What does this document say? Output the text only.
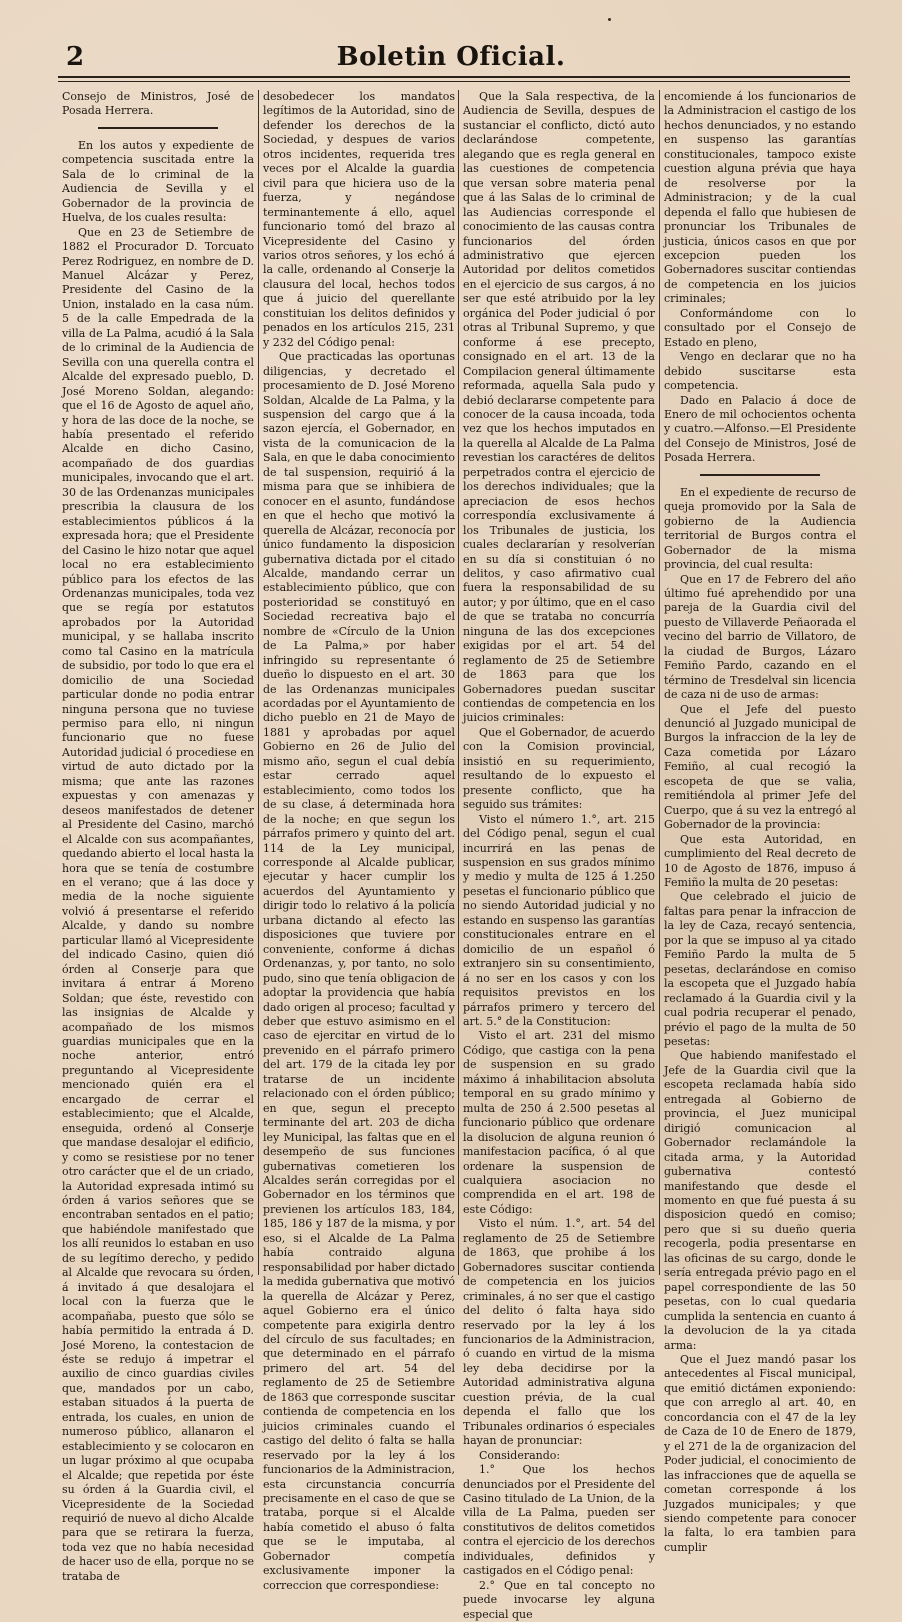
2	Boletin Oficial.

Consejo de Ministros, José de Posada Herrera.

En los autos y expediente de competencia suscitada entre la Sala de lo criminal de la Audiencia de Sevilla y el Gobernador de la provincia de Huelva, de los cuales resulta:

Que en 23 de Setiembre de 1882 el Procurador D. Torcuato Perez Rodriguez, en nombre de D. Manuel Alcázar y Perez, Presidente del Casino de la Union, instalado en la casa núm. 5 de la calle Empedrada de la villa de La Palma, acudió á la Sala de lo criminal de la Audiencia de Sevilla con una querella contra el Alcalde del expresado pueblo, D. José Moreno Soldan, alegando: que el 16 de Agosto de aquel año, y hora de las doce de la noche, se había presentado el referido Alcalde en dicho Casino, acompañado de dos guardias municipales, invocando que el art. 30 de las Ordenanzas municipales prescribia la clausura de los establecimientos públicos á la expresada hora; que el Presidente del Casino le hizo notar que aquel local no era establecimiento público para los efectos de las Ordenanzas municipales, toda vez que se regía por estatutos aprobados por la Autoridad municipal, y se hallaba inscrito como tal Casino en la matrícula de subsidio, por todo lo que era el domicilio de una Sociedad particular donde no podia entrar ninguna persona que no tuviese permiso para ello, ni ningun funcionario que no fuese Autoridad judicial ó procediese en virtud de auto dictado por la misma; que ante las razones expuestas y con amenazas y deseos manifestados de detener al Presidente del Casino, marchó el Alcalde con sus acompañantes, quedando abierto el local hasta la hora que se tenía de costumbre en el verano; que á las doce y media de la noche siguiente volvió á presentarse el referido Alcalde, y dando su nombre particular llamó al Vicepresidente del indicado Casino, quien dió órden al Conserje para que invitara á entrar á Moreno Soldan; que éste, revestido con las insignias de Alcalde y acompañado de los mismos guardias municipales que en la noche anterior, entró preguntando al Vicepresidente mencionado quién era el encargado de cerrar el establecimiento; que el Alcalde, enseguida, ordenó al Conserje que mandase desalojar el edificio, y como se resistiese por no tener otro carácter que el de un criado, la Autoridad expresada intimó su órden á varios señores que se encontraban sentados en el patio; que habiéndole manifestado que los allí reunidos lo estaban en uso de su legítimo derecho, y pedido al Alcalde que revocara su órden, á invitado á que desalojara el local con la fuerza que le acompañaba, puesto que sólo se había permitido la entrada á D. José Moreno, la contestacion de éste se redujo á impetrar el auxilio de cinco guardias civiles que, mandados por un cabo, estaban situados á la puerta de entrada, los cuales, en union de numeroso público, allanaron el establecimiento y se colocaron en un lugar próximo al que ocupaba el Alcalde; que repetida por éste su órden á la Guardia civil, el Vicepresidente de la Sociedad requirió de nuevo al dicho Alcalde para que se retirara la fuerza, toda vez que no había necesidad de hacer uso de ella, porque no se trataba de

desobedecer los mandatos legítimos de la Autoridad, sino de defender los derechos de la Sociedad, y despues de varios otros incidentes, requerida tres veces por el Alcalde la guardia civil para que hiciera uso de la fuerza, y negándose terminantemente á ello, aquel funcionario tomó del brazo al Vicepresidente del Casino y varios otros señores, y los echó á la calle, ordenando al Conserje la clausura del local, hechos todos que á juicio del querellante constituian los delitos definidos y penados en los artículos 215, 231 y 232 del Código penal:

Que practicadas las oportunas diligencias, y decretado el procesamiento de D. José Moreno Soldan, Alcalde de La Palma, y la suspension del cargo que á la sazon ejercía, el Gobernador, en vista de la comunicacion de la Sala, en que le daba conocimiento de tal suspension, requirió á la misma para que se inhibiera de conocer en el asunto, fundándose en que el hecho que motivó la querella de Alcázar, reconocía por único fundamento la disposicion gubernativa dictada por el citado Alcalde, mandando cerrar un establecimiento público, que con posterioridad se constituyó en Sociedad recreativa bajo el nombre de «Círculo de la Union de La Palma,» por haber infringido su representante ó dueño lo dispuesto en el art. 30 de las Ordenanzas municipales acordadas por el Ayuntamiento de dicho pueblo en 21 de Mayo de 1881 y aprobadas por aquel Gobierno en 26 de Julio del mismo año, segun el cual debía estar cerrado aquel establecimiento, como todos los de su clase, á determinada hora de la noche; en que segun los párrafos primero y quinto del art. 114 de la Ley municipal, corresponde al Alcalde publicar, ejecutar y hacer cumplir los acuerdos del Ayuntamiento y dirigir todo lo relativo á la policía urbana dictando al efecto las disposiciones que tuviere por conveniente, conforme á dichas Ordenanzas, y, por tanto, no solo pudo, sino que tenía obligacion de adoptar la providencia que había dado origen al proceso; facultad y deber que estuvo asimismo en el caso de ejercitar en virtud de lo prevenido en el párrafo primero del art. 179 de la citada ley por tratarse de un incidente relacionado con el órden público; en que, segun el precepto terminante del art. 203 de dicha ley Municipal, las faltas que en el desempeño de sus funciones gubernativas cometieren los Alcaldes serán corregidas por el Gobernador en los términos que previenen los artículos 183, 184, 185, 186 y 187 de la misma, y por eso, si el Alcalde de La Palma había contraido alguna responsabilidad por haber dictado la medida gubernativa que motivó la querella de Alcázar y Perez, aquel Gobierno era el único competente para exigirla dentro del círculo de sus facultades; en que determinado en el párrafo primero del art. 54 del reglamento de 25 de Setiembre de 1863 que corresponde suscitar contienda de competencia en los juicios criminales cuando el castigo del delito ó falta se halla reservado por la ley á los funcionarios de la Administracion, esta circunstancia concurría precisamente en el caso de que se trataba, porque si el Alcalde había cometido el abuso ó falta que se le imputaba, al Gobernador competía exclusivamente imponer la correccion que correspondiese:

Que la Sala respectiva, de la Audiencia de Sevilla, despues de sustanciar el conflicto, dictó auto declarándose competente, alegando que es regla general en las cuestiones de competencia que versan sobre materia penal que á las Salas de lo criminal de las Audiencias corresponde el conocimiento de las causas contra funcionarios del órden administrativo que ejercen Autoridad por delitos cometidos en el ejercicio de sus cargos, á no ser que esté atribuido por la ley orgánica del Poder judicial ó por otras al Tribunal Supremo, y que conforme á ese precepto, consignado en el art. 13 de la Compilacion general últimamente reformada, aquella Sala pudo y debió declararse competente para conocer de la causa incoada, toda vez que los hechos imputados en la querella al Alcalde de La Palma revestian los caractéres de delitos perpetrados contra el ejercicio de los derechos individuales; que la apreciacion de esos hechos correspondía exclusivamente á los Tribunales de justicia, los cuales declararían y resolverían en su día si constituian ó no delitos, y caso afirmativo cual fuera la responsabilidad de su autor; y por último, que en el caso de que se trataba no concurría ninguna de las dos excepciones exigidas por el art. 54 del reglamento de 25 de Setiembre de 1863 para que los Gobernadores puedan suscitar contiendas de competencia en los juicios criminales:

Que el Gobernador, de acuerdo con la Comision provincial, insistió en su requerimiento, resultando de lo expuesto el presente conflicto, que ha seguido sus trámites:

Visto el número 1.°, art. 215 del Código penal, segun el cual incurrirá en las penas de suspension en sus grados mínimo y medio y multa de 125 á 1.250 pesetas el funcionario público que no siendo Autoridad judicial y no estando en suspenso las garantías constitucionales entrare en el domicilio de un español ó extranjero sin su consentimiento, á no ser en los casos y con los requisitos previstos en los párrafos primero y tercero del art. 5.° de la Constitucion:

Visto el art. 231 del mismo Código, que castiga con la pena de suspension en su grado máximo á inhabilitacion absoluta temporal en su grado mínimo y multa de 250 á 2.500 pesetas al funcionario público que ordenare la disolucion de alguna reunion ó manifestacion pacífica, ó al que ordenare la suspension de cualquiera asociacion no comprendida en el art. 198 de este Código:

Visto el núm. 1.°, art. 54 del reglamento de 25 de Setiembre de 1863, que prohibe á los Gobernadores suscitar contienda de competencia en los juicios criminales, á no ser que el castigo del delito ó falta haya sido reservado por la ley á los funcionarios de la Administracion, ó cuando en virtud de la misma ley deba decidirse por la Autoridad administrativa alguna cuestion prévia, de la cual dependa el fallo que los Tribunales ordinarios ó especiales hayan de pronunciar:

Considerando:

1.° Que los hechos denunciados por el Presidente del Casino titulado de La Union, de la villa de La Palma, pueden ser constitutivos de delitos cometidos contra el ejercicio de los derechos individuales, definidos y castigados en el Código penal:

2.° Que en tal concepto no puede invocarse ley alguna especial que

encomiende á los funcionarios de la Administracion el castigo de los hechos denunciados, y no estando en suspenso las garantías constitucionales, tampoco existe cuestion alguna prévia que haya de resolverse por la Administracion; y de la cual dependa el fallo que hubiesen de pronunciar los Tribunales de justicia, únicos casos en que por excepcion pueden los Gobernadores suscitar contiendas de competencia en los juicios criminales;

Conformándome con lo consultado por el Consejo de Estado en pleno,

Vengo en declarar que no ha debido suscitarse esta competencia.

Dado en Palacio á doce de Enero de mil ochocientos ochenta y cuatro.—Alfonso.—El Presidente del Consejo de Ministros, José de Posada Herrera.

En el expediente de recurso de queja promovido por la Sala de gobierno de la Audiencia territorial de Burgos contra el Gobernador de la misma provincia, del cual resulta:

Que en 17 de Febrero del año último fué aprehendido por una pareja de la Guardia civil del puesto de Villaverde Peñaorada el vecino del barrio de Villatoro, de la ciudad de Burgos, Lázaro Femiño Pardo, cazando en el término de Tresdelval sin licencia de caza ni de uso de armas:

Que el Jefe del puesto denunció al Juzgado municipal de Burgos la infraccion de la ley de Caza cometida por Lázaro Femiño, al cual recogió la escopeta de que se valia, remitiéndola al primer Jefe del Cuerpo, que á su vez la entregó al Gobernador de la provincia:

Que esta Autoridad, en cumplimiento del Real decreto de 10 de Agosto de 1876, impuso á Femiño la multa de 20 pesetas:

Que celebrado el juicio de faltas para penar la infraccion de la ley de Caza, recayó sentencia, por la que se impuso al ya citado Femiño Pardo la multa de 5 pesetas, declarándose en comiso la escopeta que el Juzgado había reclamado á la Guardia civil y la cual podria recuperar el penado, prévio el pago de la multa de 50 pesetas:

Que habiendo manifestado el Jefe de la Guardia civil que la escopeta reclamada había sido entregada al Gobierno de provincia, el Juez municipal dirigió comunicacion al Gobernador reclamándole la citada arma, y la Autoridad gubernativa contestó manifestando que desde el momento en que fué puesta á su disposicion quedó en comiso; pero que si su dueño queria recogerla, podia presentarse en las oficinas de su cargo, donde le sería entregada prévio pago en el papel correspondiente de las 50 pesetas, con lo cual quedaria cumplida la sentencia en cuanto á la devolucion de la ya citada arma:

Que el Juez mandó pasar los antecedentes al Fiscal municipal, que emitió dictámen exponiendo: que con arreglo al art. 40, en concordancia con el 47 de la ley de Caza de 10 de Enero de 1879, y el 271 de la de organizacion del Poder judicial, el conocimiento de las infracciones que de aquella se cometan corresponde á los Juzgados municipales; y que siendo competente para conocer la falta, lo era tambien para cumplir
